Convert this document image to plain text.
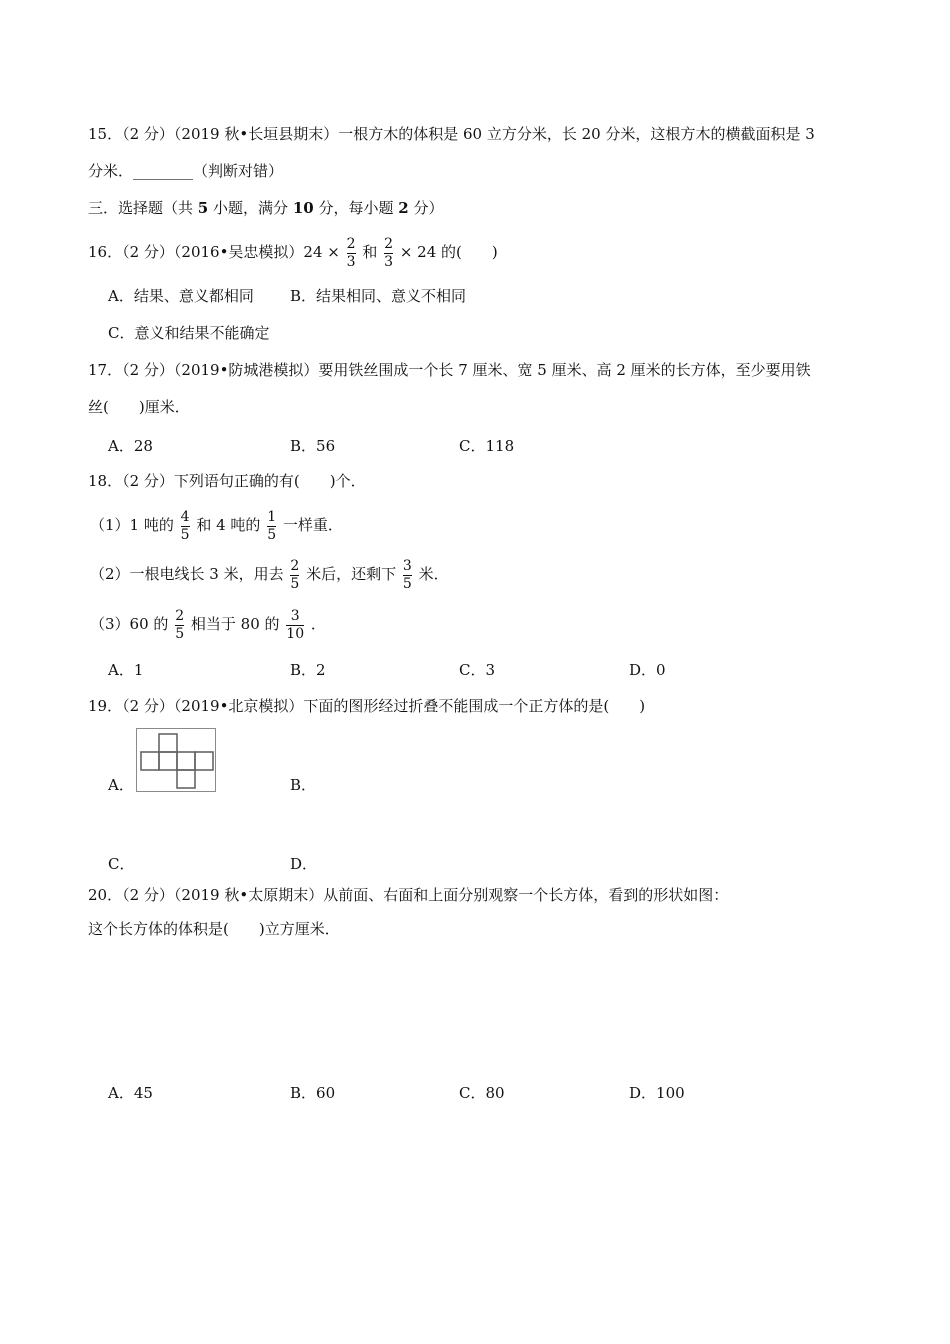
15．（2 分）（2019 秋•长垣县期末）一根方木的体积是 60 立方分米，长 20 分米，这根方木的横截面积是 3
分米．________（判断对错）
三．选择题（共 5 小题，满分 10 分，每小题 2 分）
16．（2 分）（2016•吴忠模拟）$24 \times \frac{2}{3}$ 和 $\frac{2}{3} \times 24$ 的(　　)
A．结果、意义都相同 B．结果相同、意义不相同
C．意义和结果不能确定
17．（2 分）（2019•防城港模拟）要用铁丝围成一个长 7 厘米、宽 5 厘米、高 2 厘米的长方体，至少要用铁
丝(　　)厘米．
A．28	B．56	C．118
18．（2 分）下列语句正确的有(　　)个．
（1）1 吨的 $\frac{4}{5}$ 和 4 吨的 $\frac{1}{5}$ 一样重．
（2）一根电线长 3 米，用去 $\frac{2}{5}$ 米后，还剩下 $\frac{3}{5}$ 米．
（3）60 的 $\frac{2}{5}$ 相当于 80 的 $\frac{3}{10}$ ．
A．1	B．2	C．3	D．0
19．（2 分）（2019•北京模拟）下面的图形经过折叠不能围成一个正方体的是(　　)
A．	B．
C．	D．
20．（2 分）（2019 秋•太原期末）从前面、右面和上面分别观察一个长方体，看到的形状如图：
这个长方体的体积是(　　)立方厘米．
A．45	B．60	C．80	D．100
